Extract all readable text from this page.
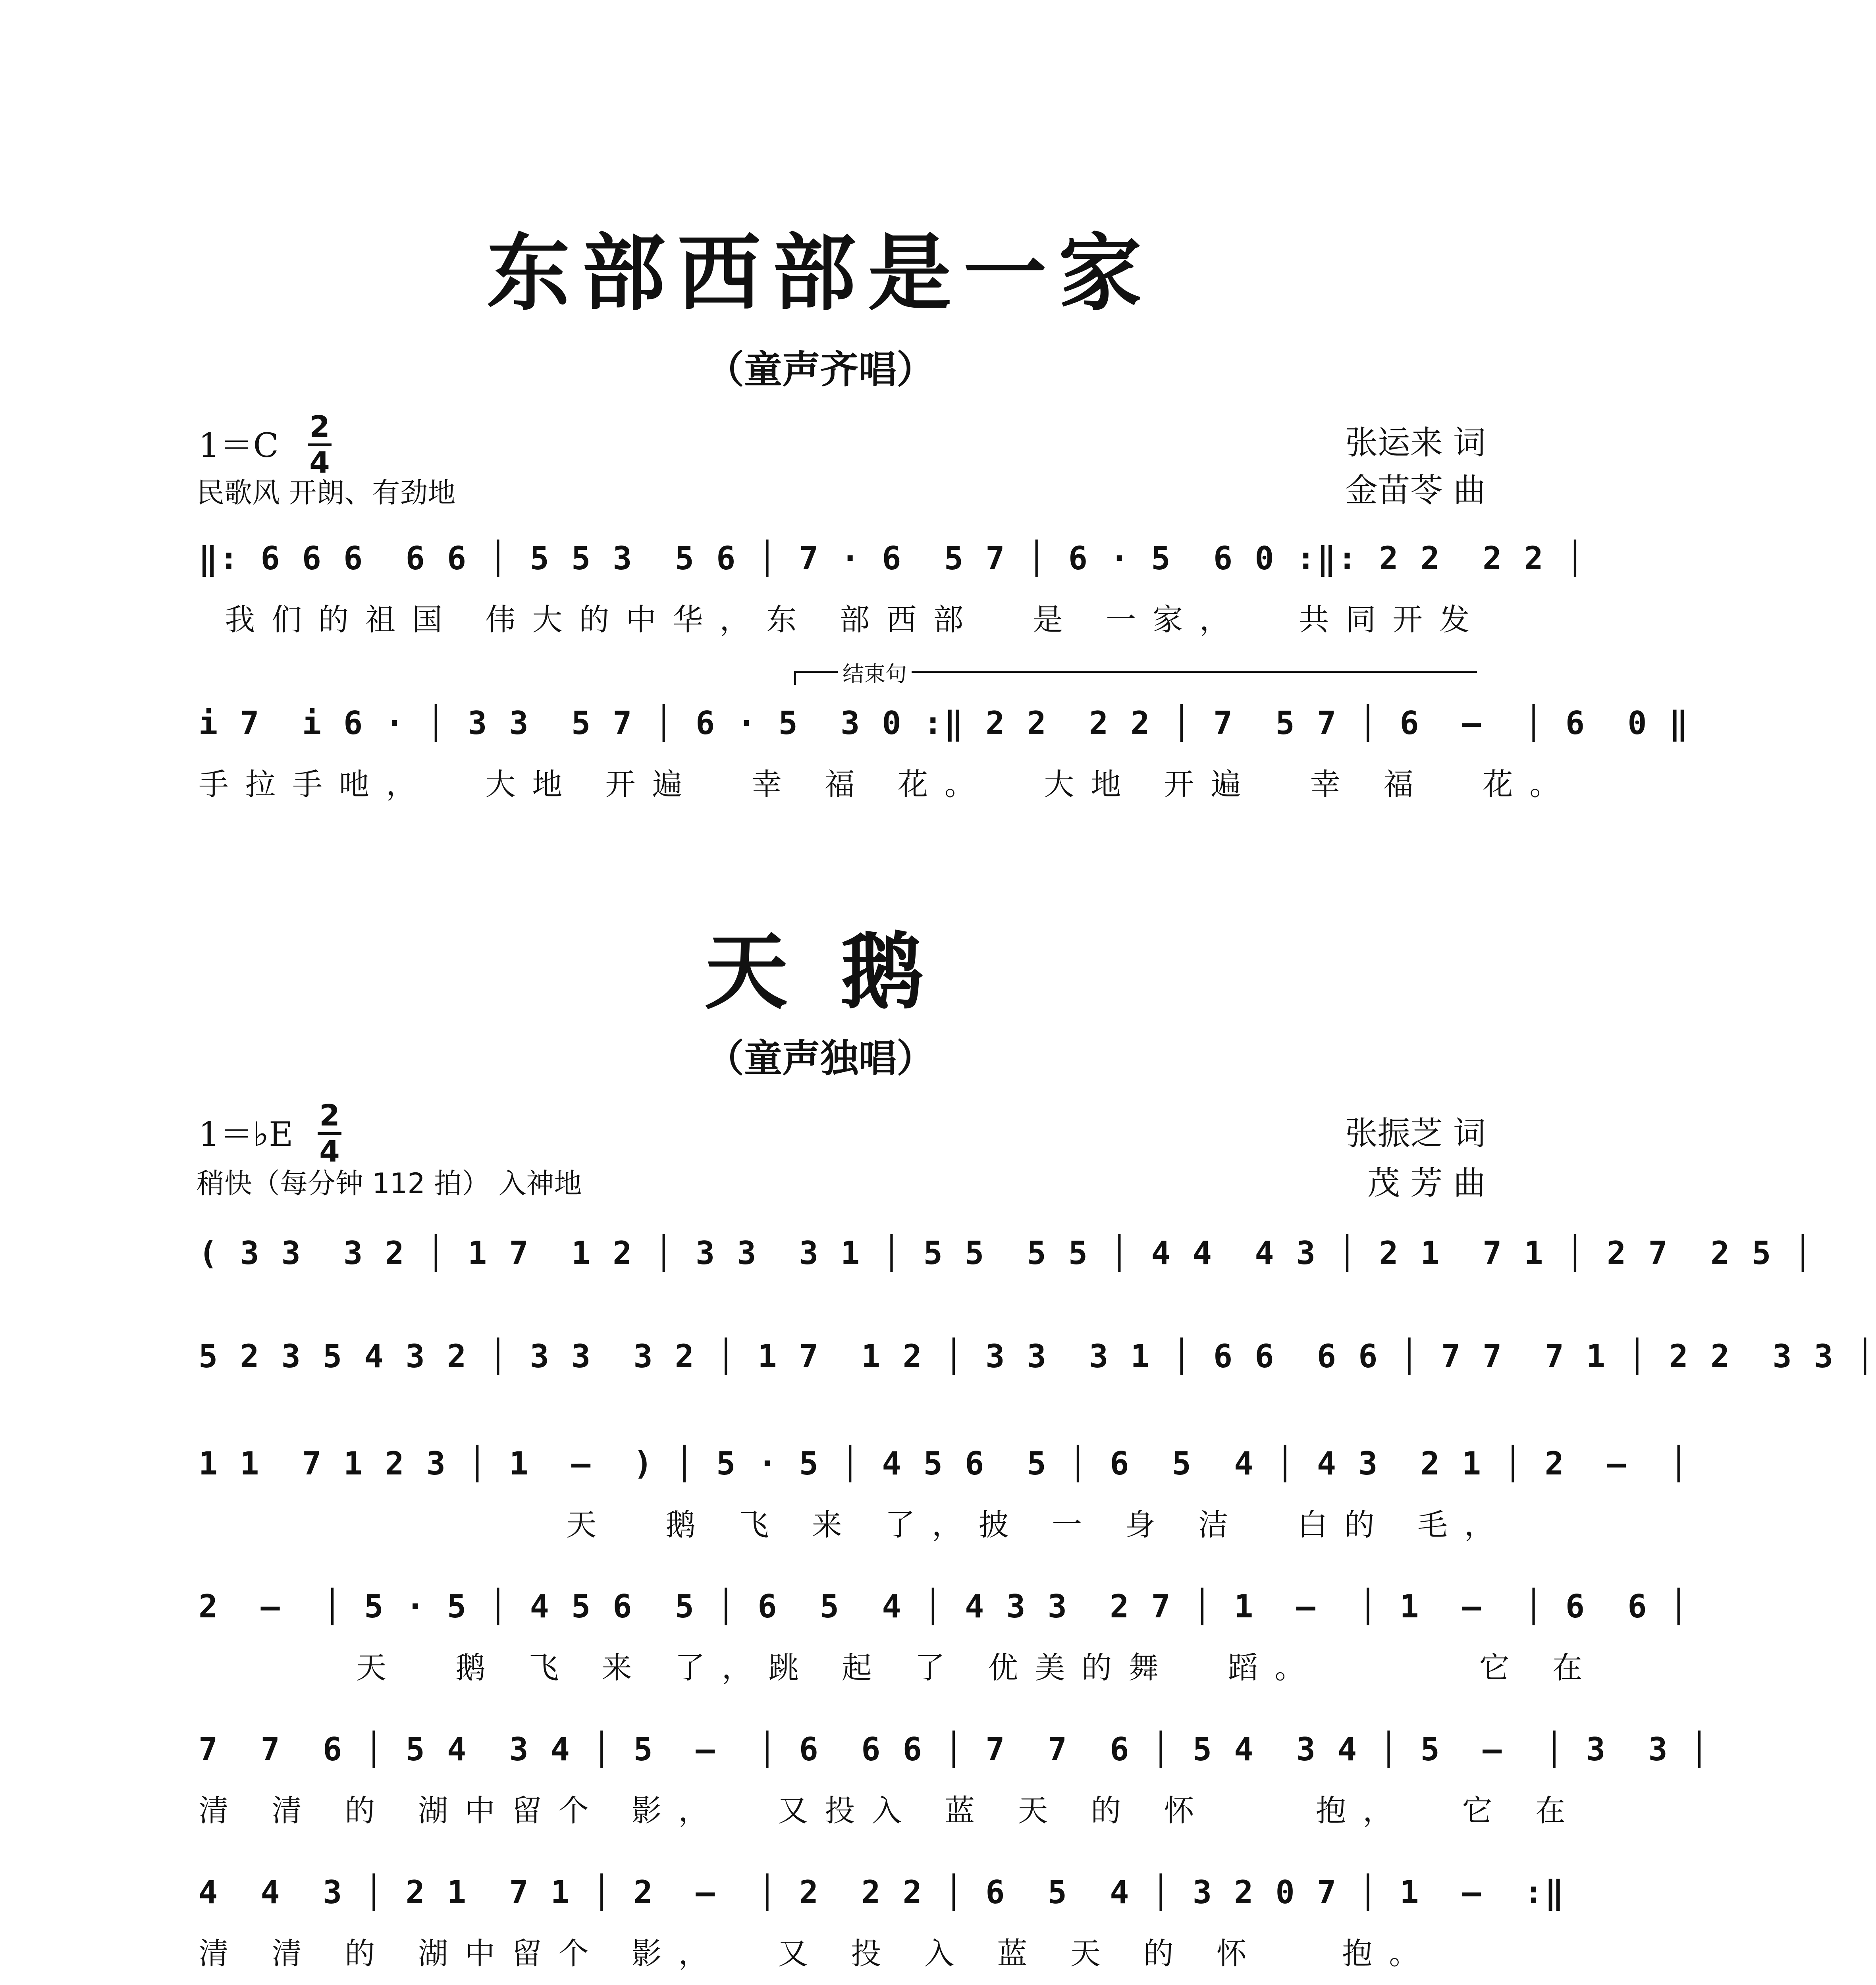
东部西部是一家
（童声齐唱）
1＝C 2
4
民歌风 开朗、有劲地
张运来 词
金苗苓 曲
‖: 6 6 6  6 6 │ 5 5 3  5 6 │ 7 · 6  5 7 │ 6 · 5  6 0 :‖: 2 2  2 2 │
我们的祖国 伟大的中华，东 部西部  是 一家，  共同开发
结束句
i 7  i 6 · │ 3 3  5 7 │ 6 · 5  3 0 :‖ 2 2  2 2 │ 7  5 7 │ 6  –  │ 6  0 ‖
手拉手吔，  大地 开遍  幸 福 花。  大地 开遍  幸 福  花。
天 鹅
（童声独唱）
1＝♭E 2
4
稍快（每分钟 112 拍） 入神地
张振芝 词
茂 芳 曲
( 3 3  3 2 │ 1 7  1 2 │ 3 3  3 1 │ 5 5  5 5 │ 4 4  4 3 │ 2 1  7 1 │ 2 7  2 5 │
5 2 3 5 4 3 2 │ 3 3  3 2 │ 1 7  1 2 │ 3 3  3 1 │ 6 6  6 6 │ 7 7  7 1 │ 2 2  3 3 │
1 1  7 1 2 3 │ 1  –  ) │ 5 · 5 │ 4 5 6  5 │ 6  5  4 │ 4 3  2 1 │ 2  –  │
天  鹅 飞 来 了，披 一 身 洁  白的 毛，
2  –  │ 5 · 5 │ 4 5 6  5 │ 6  5  4 │ 4 3 3  2 7 │ 1  –  │ 1  –  │ 6  6 │
天  鹅 飞 来 了，跳 起 了 优美的舞  蹈。      它 在
7  7  6 │ 5 4  3 4 │ 5  –  │ 6  6 6 │ 7  7  6 │ 5 4  3 4 │ 5  –  │ 3  3 │
清 清 的 湖中留个 影，  又投入 蓝 天 的 怀    抱，  它 在
4  4  3 │ 2 1  7 1 │ 2  –  │ 2  2 2 │ 6  5  4 │ 3 2 0 7 │ 1  –  :‖
清 清 的 湖中留个 影，  又 投 入 蓝 天 的 怀   抱。
